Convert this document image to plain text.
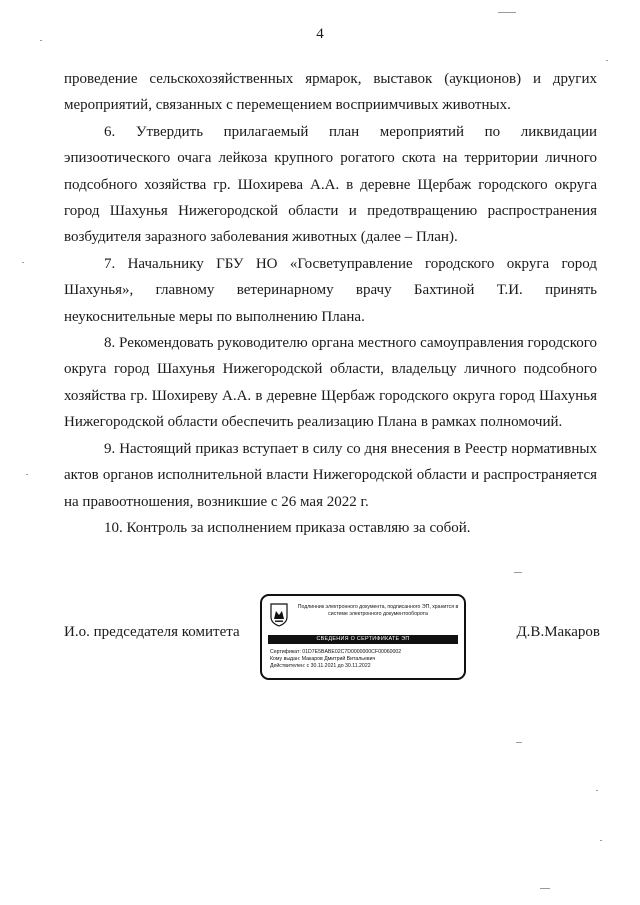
4

проведение сельскохозяйственных ярмарок, выставок (аукционов) и других мероприятий, связанных с перемещением восприимчивых животных.

6. Утвердить прилагаемый план мероприятий по ликвидации эпизоотического очага лейкоза крупного рогатого скота на территории личного подсобного хозяйства гр. Шохирева А.А. в деревне Щербаж городского округа город Шахунья Нижегородской области и предотвращению распространения возбудителя заразного заболевания животных (далее – План).

7. Начальнику ГБУ НО «Госветуправление городского округа город Шахунья», главному ветеринарному врачу Бахтиной Т.И. принять неукоснительные меры по выполнению Плана.

8. Рекомендовать руководителю органа местного самоуправления городского округа город Шахунья Нижегородской области, владельцу личного подсобного хозяйства гр. Шохиреву А.А. в деревне Щербаж городского округа город Шахунья Нижегородской области обеспечить реализацию Плана в рамках полномочий.

9. Настоящий приказ вступает в силу со дня внесения в Реестр нормативных актов органов исполнительной власти Нижегородской области и распространяется на правоотношения, возникшие с 26 мая 2022 г.

10. Контроль за исполнением приказа оставляю за собой.

И.о. председателя комитета
Подлинник электронного документа, подписанного ЭП, хранится в системе электронного документооборота
СВЕДЕНИЯ О СЕРТИФИКАТЕ ЭП
Сертификат: 01D7E5BABE02C7D0000000CF00060002
Кому выдан: Макаров Дмитрий Витальевич
Действителен: с 30.11.2021 до 30.11.2022
Д.В.Макаров
